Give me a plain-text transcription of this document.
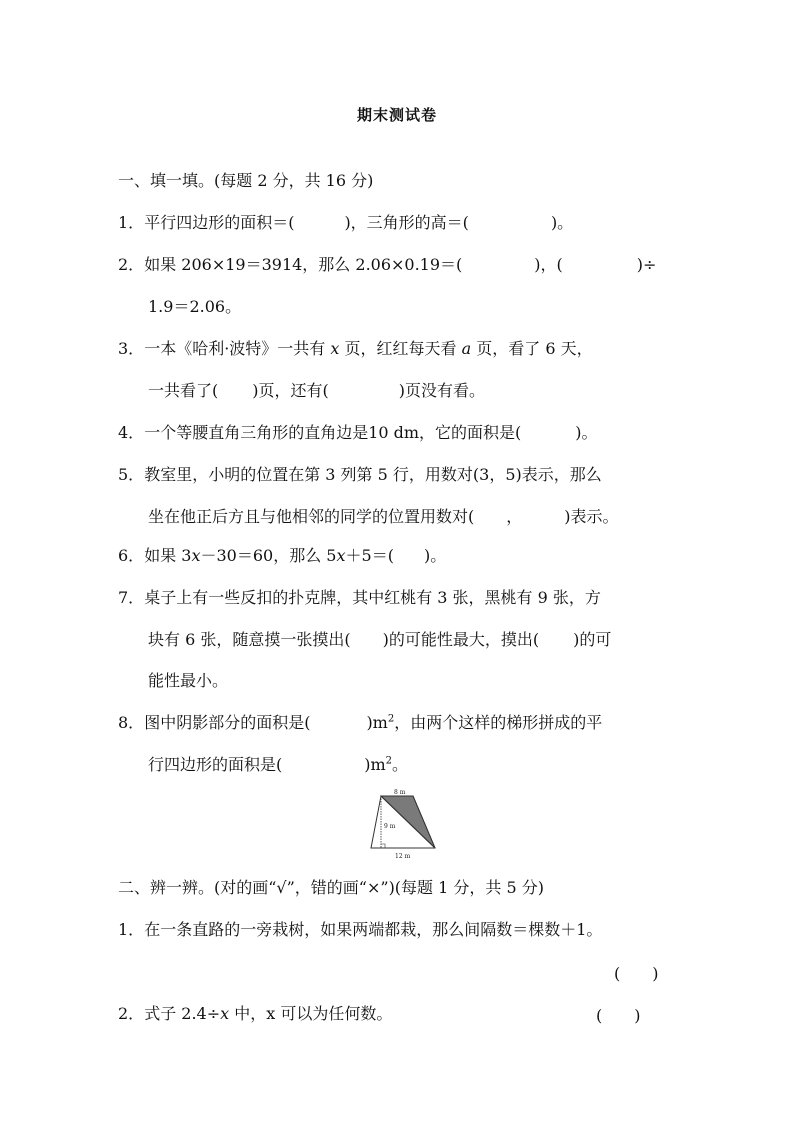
期末测试卷
一、填一填。(每题 2 分，共 16 分)
1．平行四边形的面积＝(	)，三角形的高＝(	)。
2．如果 206×19＝3914，那么 2.06×0.19＝(	)，(	)÷
1.9＝2.06。
3．一本《哈利·波特》一共有 x 页，红红每天看 a 页，看了 6 天，
一共看了( )页，还有(	)页没有看。
4．一个等腰直角三角形的直角边是10 dm，它的面积是(	)。
5．教室里，小明的位置在第 3 列第 5 行，用数对(3，5)表示，那么
坐在他正后方且与他相邻的同学的位置用数对( ，	)表示。
6．如果 3x－30＝60，那么 5x＋5＝( )。
7．桌子上有一些反扣的扑克牌，其中红桃有 3 张，黑桃有 9 张，方
块有 6 张，随意摸一张摸出( )的可能性最大，摸出( )的可
能性最小。
8．图中阴影部分的面积是(	)$m^2$，由两个这样的梯形拼成的平
行四边形的面积是(	)$m^2$。
8 m
9 m
12 m
二、辨一辨。(对的画“√”，错的画“×”)(每题 1 分，共 5 分)
1．在一条直路的一旁栽树，如果两端都栽，那么间隔数＝棵数＋1。
(　　)
2．式子 2.4÷x 中，x 可以为任何数。	(　　)
